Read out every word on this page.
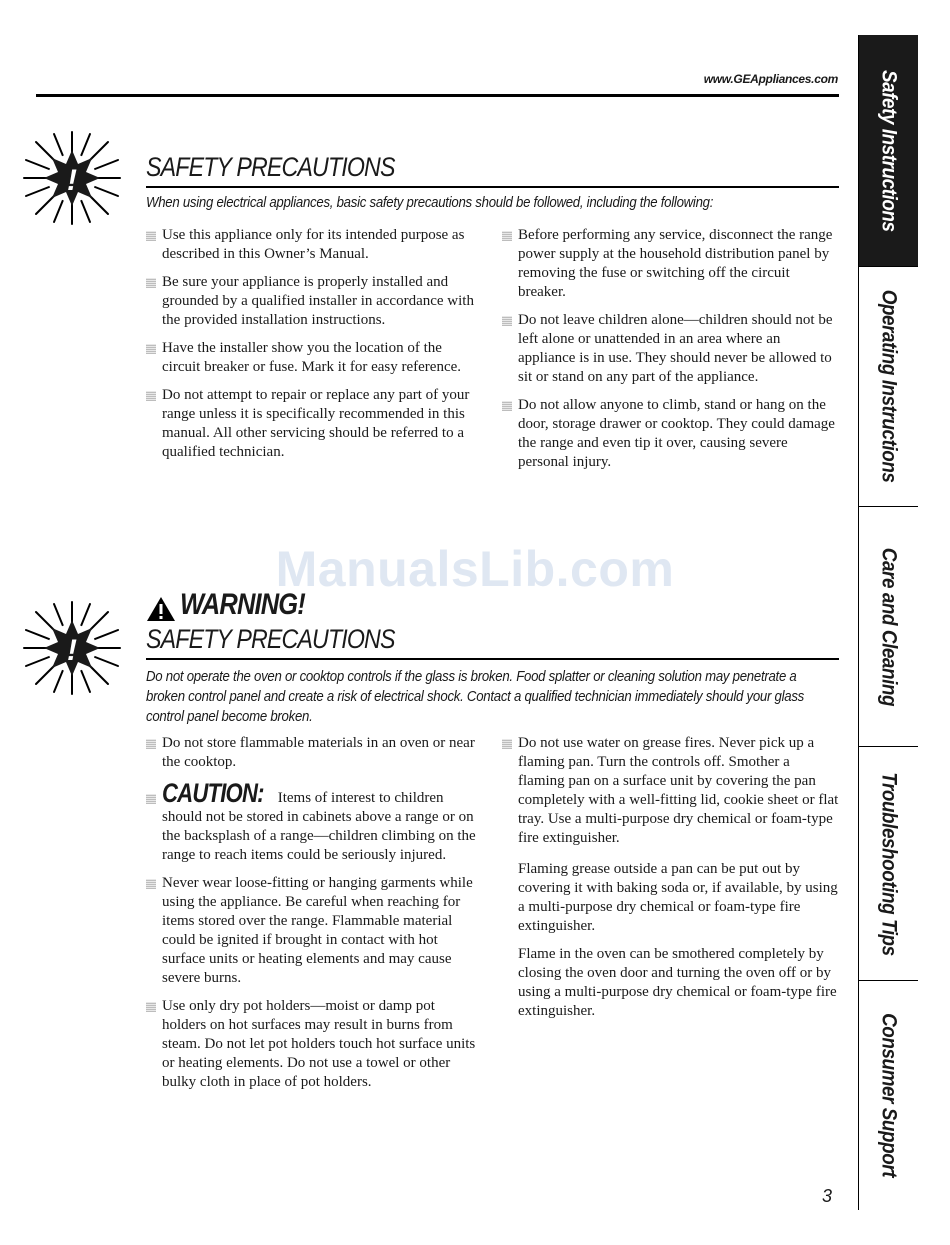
www.GEAppliances.com
!	SAFETY PRECAUTIONS
When using electrical appliances, basic safety precautions should be followed, including the following:
Use this appliance only for its intended purpose as described in this Owner’s Manual.
Be sure your appliance is properly installed and grounded by a qualified installer in accordance with the provided installation instructions.
Have the installer show you the location of the circuit breaker or fuse. Mark it for easy reference.
Do not attempt to repair or replace any part of your range unless it is specifically recommended in this manual. All other servicing should be referred to a qualified technician.
Before performing any service, disconnect the range power supply at the household distribution panel by removing the fuse or switching off the circuit breaker.
Do not leave children alone—children should not be left alone or unattended in an area where an appliance is in use. They should never be allowed to sit or stand on any part of the appliance.
Do not allow anyone to climb, stand or hang on the door, storage drawer or cooktop. They could damage the range and even tip it over, causing severe personal injury.
ManualsLib.com
!
WARNING!
SAFETY PRECAUTIONS
Do not operate the oven or cooktop controls if the glass is broken. Food splatter or cleaning solution may penetrate a broken control panel and create a risk of electrical shock. Contact a qualified technician immediately should your glass control panel become broken.
Do not store flammable materials in an oven or near the cooktop.
CAUTION: Items of interest to children should not be stored in cabinets above a range or on the backsplash of a range—children climbing on the range to reach items could be seriously injured.
Never wear loose-fitting or hanging garments while using the appliance. Be careful when reaching for items stored over the range. Flammable material could be ignited if brought in contact with hot surface units or heating elements and may cause severe burns.
Use only dry pot holders—moist or damp pot holders on hot surfaces may result in burns from steam. Do not let pot holders touch hot surface units or heating elements. Do not use a towel or other bulky cloth in place of pot holders.
Do not use water on grease fires. Never pick up a flaming pan. Turn the controls off. Smother a flaming pan on a surface unit by covering the pan completely with a well-fitting lid, cookie sheet or flat tray. Use a multi-purpose dry chemical or foam-type fire extinguisher.
Flaming grease outside a pan can be put out by covering it with baking soda or, if available, by using a multi-purpose dry chemical or foam-type fire extinguisher.
Flame in the oven can be smothered completely by closing the oven door and turning the oven off or by using a multi-purpose dry chemical or foam-type fire extinguisher.
Safety Instructions
Operating Instructions
Care and Cleaning
Troubleshooting Tips
Consumer Support
3
